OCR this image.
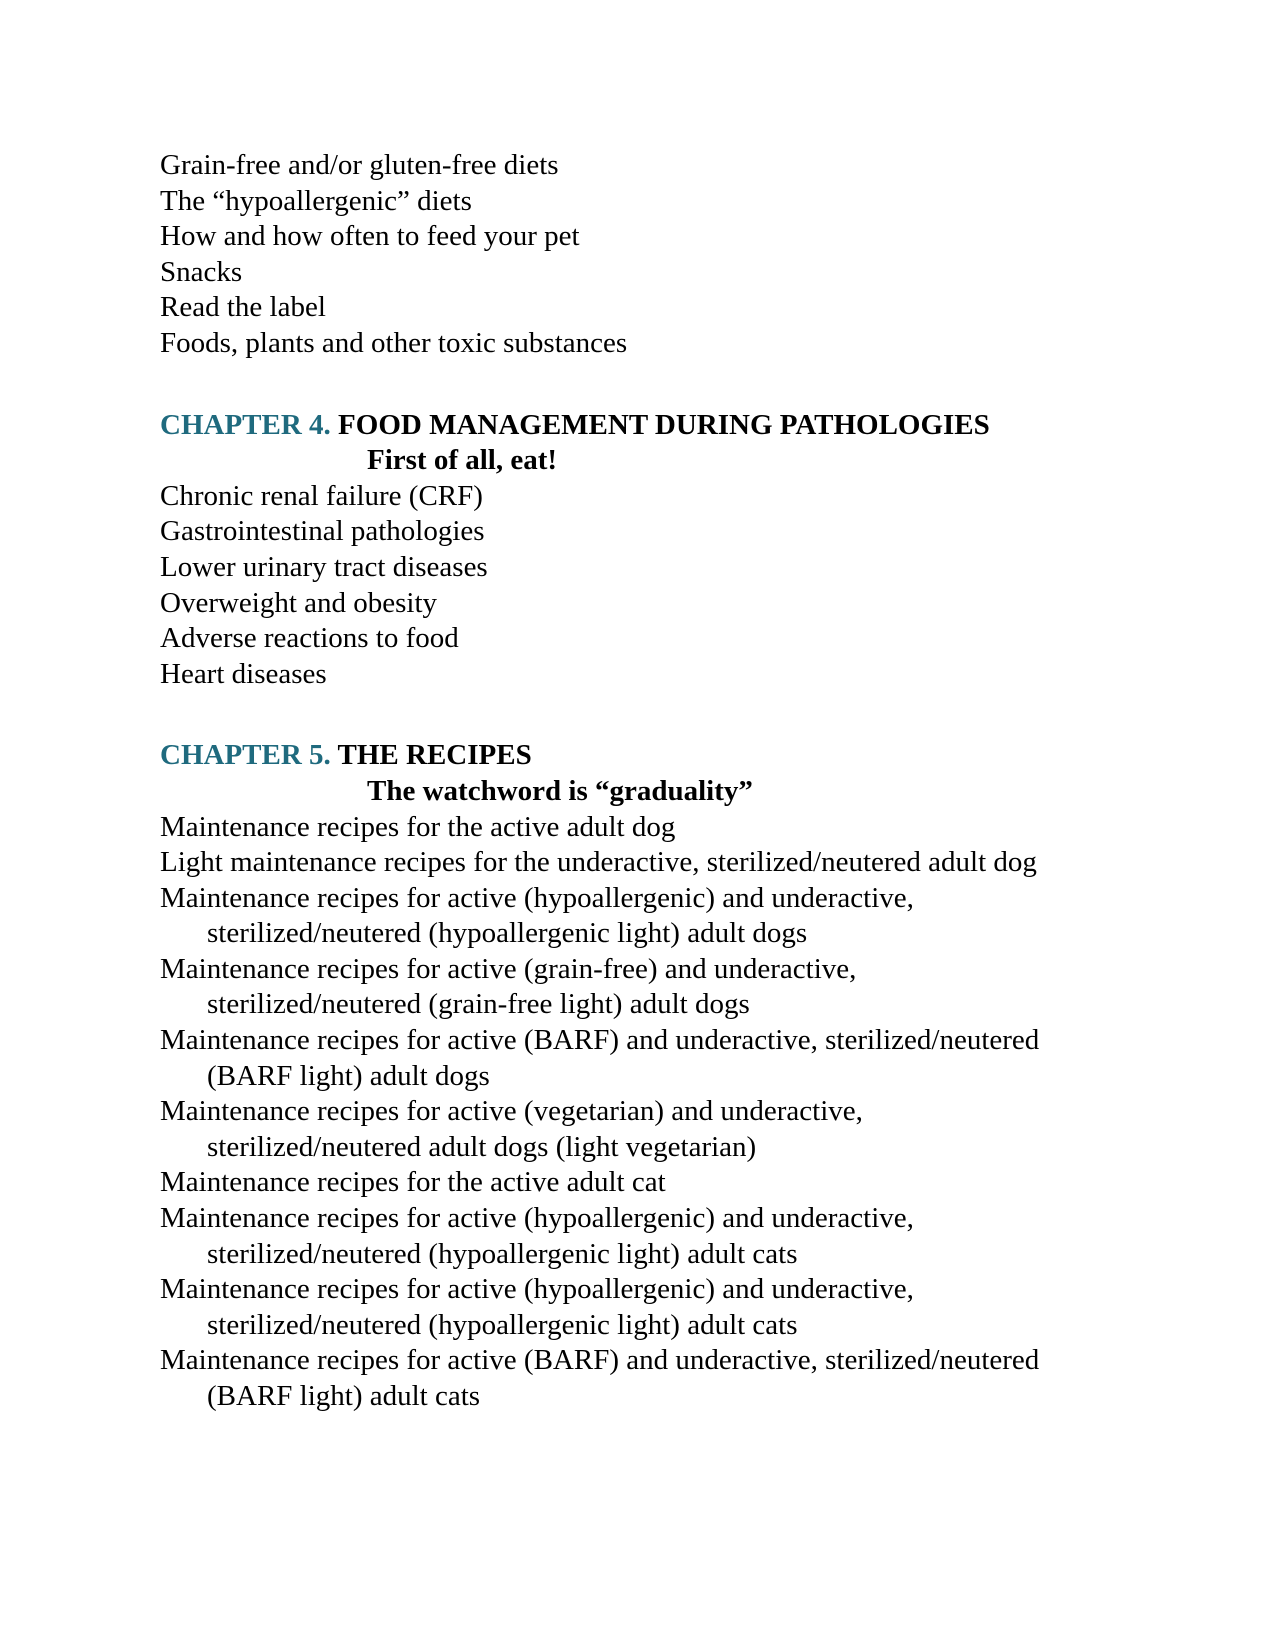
Grain-free and/or gluten-free diets
The “hypoallergenic” diets
How and how often to feed your pet
Snacks
Read the label
Foods, plants and other toxic substances
CHAPTER 4. FOOD MANAGEMENT DURING PATHOLOGIES
First of all, eat!
Chronic renal failure (CRF)
Gastrointestinal pathologies
Lower urinary tract diseases
Overweight and obesity
Adverse reactions to food
Heart diseases
CHAPTER 5. THE RECIPES
The watchword is “graduality”
Maintenance recipes for the active adult dog
Light maintenance recipes for the underactive, sterilized/neutered adult dog
Maintenance recipes for active (hypoallergenic) and underactive,
sterilized/neutered (hypoallergenic light) adult dogs
Maintenance recipes for active (grain-free) and underactive,
sterilized/neutered (grain-free light) adult dogs
Maintenance recipes for active (BARF) and underactive, sterilized/neutered
(BARF light) adult dogs
Maintenance recipes for active (vegetarian) and underactive,
sterilized/neutered adult dogs (light vegetarian)
Maintenance recipes for the active adult cat
Maintenance recipes for active (hypoallergenic) and underactive,
sterilized/neutered (hypoallergenic light) adult cats
Maintenance recipes for active (hypoallergenic) and underactive,
sterilized/neutered (hypoallergenic light) adult cats
Maintenance recipes for active (BARF) and underactive, sterilized/neutered
(BARF light) adult cats
